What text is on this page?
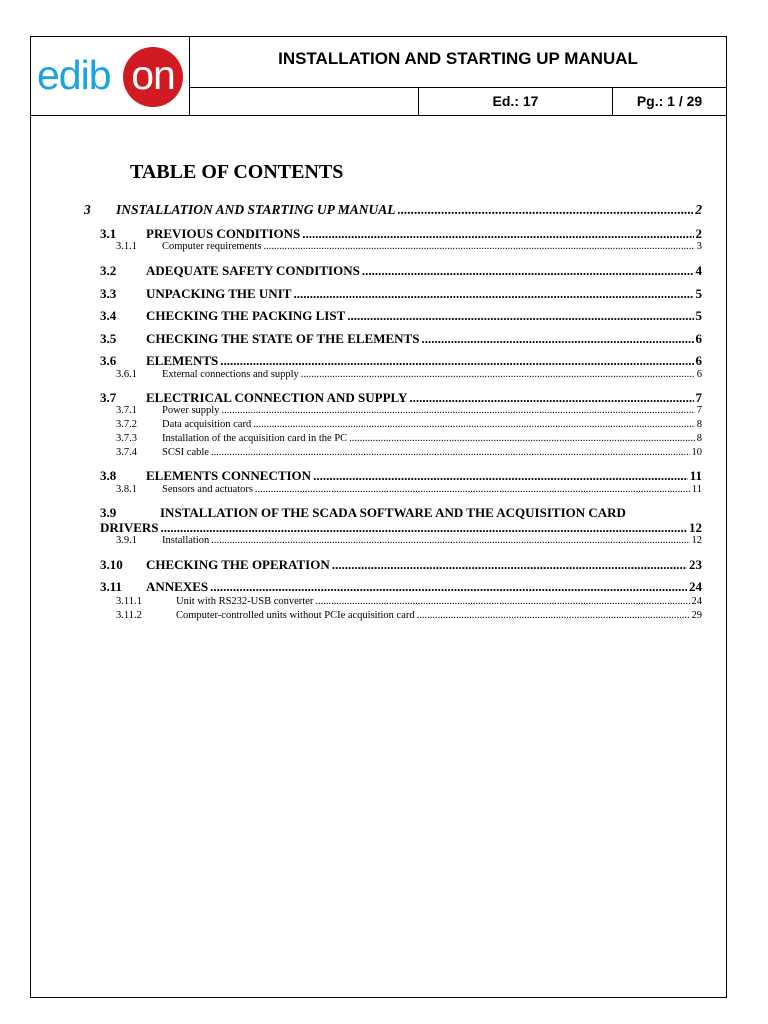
edib on	INSTALLATION AND STARTING UP MANUAL
Ed.: 17	Pg.: 1 / 29
TABLE OF CONTENTS
3 INSTALLATION AND STARTING UP MANUAL .....	2
3.1 PREVIOUS CONDITIONS .....	2
3.1.1 Computer requirements .....	3
3.2 ADEQUATE SAFETY CONDITIONS .....	4
3.3 UNPACKING THE UNIT .....	5
3.4 CHECKING THE PACKING LIST .....	5
3.5 CHECKING THE STATE OF THE ELEMENTS .....	6
3.6 ELEMENTS .....	6
3.6.1 External connections and supply .....	6
3.7 ELECTRICAL CONNECTION AND SUPPLY .....	7
3.7.1 Power supply .....	7
3.7.2 Data acquisition card .....	8
3.7.3 Installation of the acquisition card in the PC .....	8
3.7.4 SCSI cable .....	10
3.8 ELEMENTS CONNECTION .....	11
3.8.1 Sensors and actuators .....	11
3.9	INSTALLATION OF THE SCADA SOFTWARE AND THE ACQUISITION CARD
DRIVERS .....	12
3.9.1 Installation .....	12
3.10 CHECKING THE OPERATION .....	23
3.11 ANNEXES .....	24
3.11.1	Unit with RS232-USB converter .....	24
3.11.2	Computer-controlled units without PCIe acquisition card .....	29
